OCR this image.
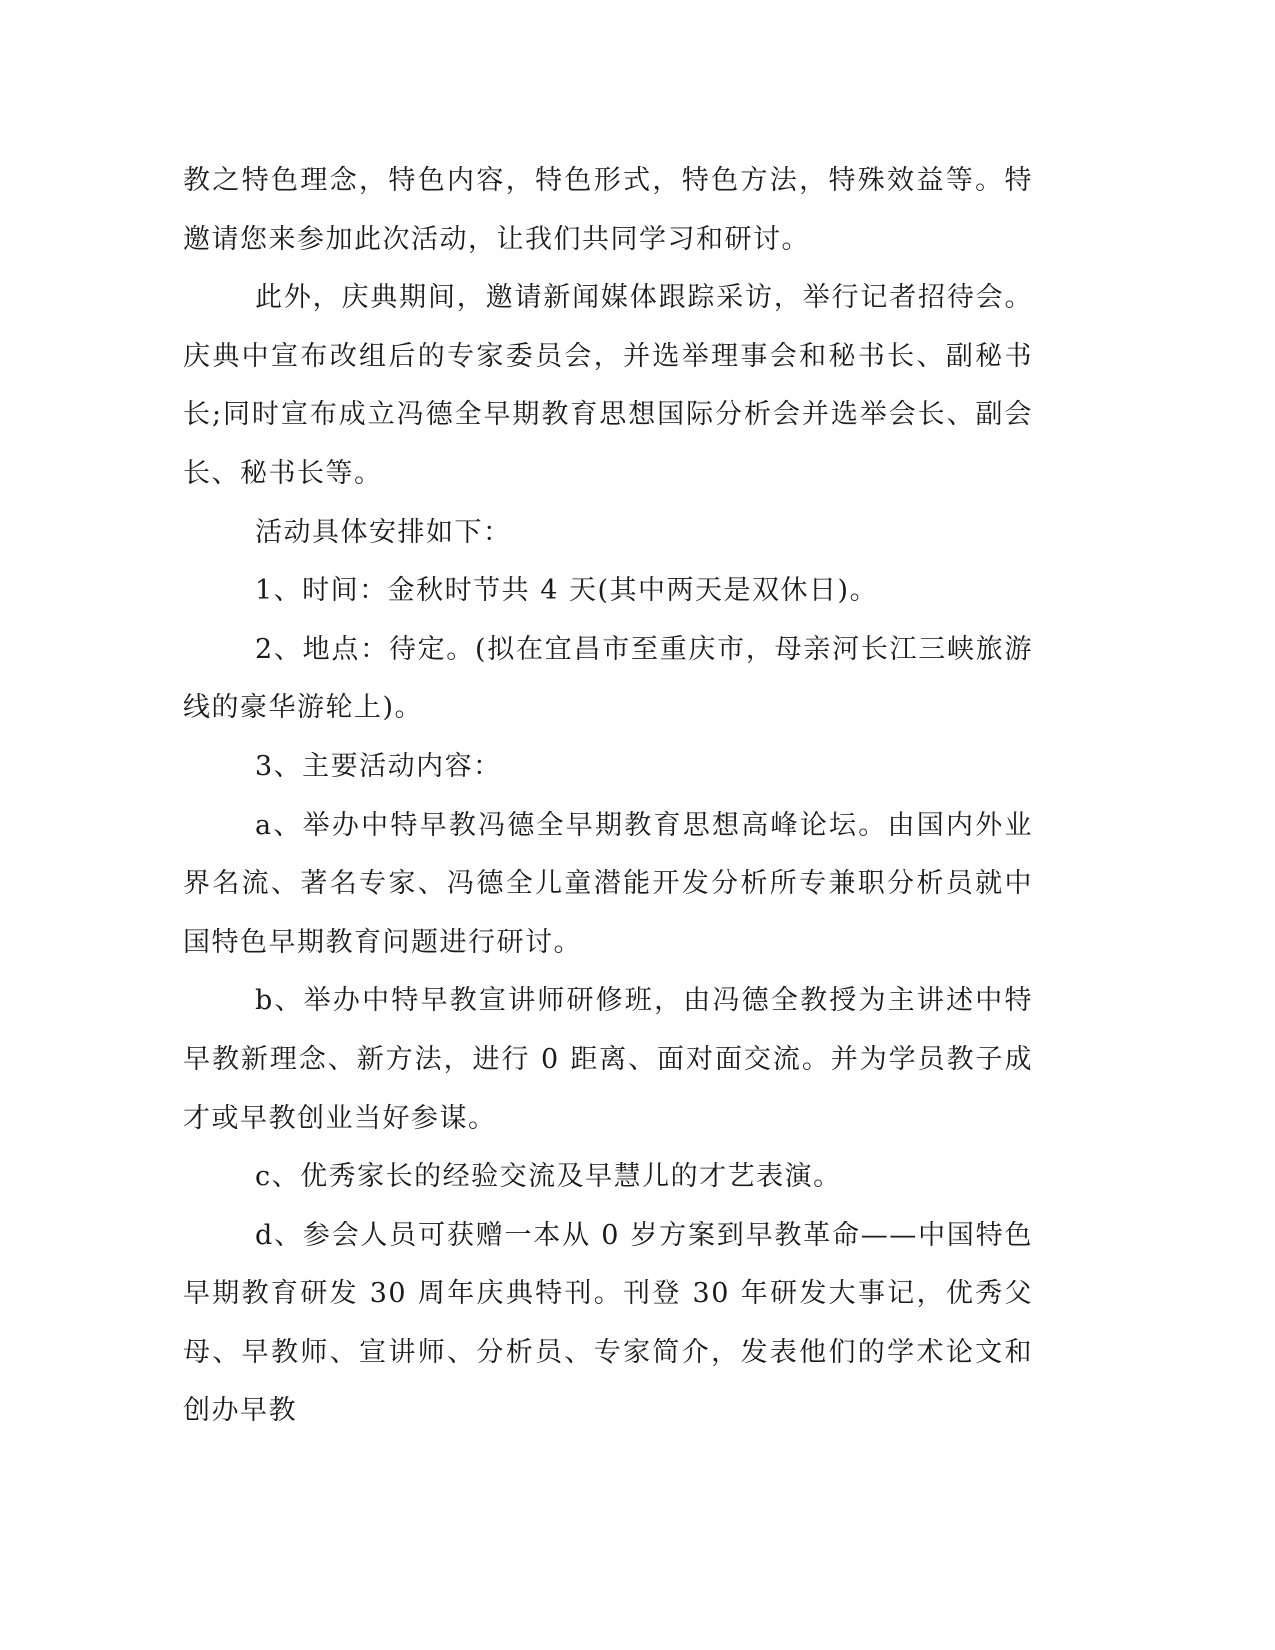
教之特色理念，特色内容，特色形式，特色方法，特殊效益等。特邀请您来参加此次活动，让我们共同学习和研讨。

此外，庆典期间，邀请新闻媒体跟踪采访，举行记者招待会。庆典中宣布改组后的专家委员会，并选举理事会和秘书长、副秘书长;同时宣布成立冯德全早期教育思想国际分析会并选举会长、副会长、秘书长等。

活动具体安排如下：

1、时间：金秋时节共 4 天(其中两天是双休日)。

2、地点：待定。(拟在宜昌市至重庆市，母亲河长江三峡旅游线的豪华游轮上)。

3、主要活动内容：

a、举办中特早教冯德全早期教育思想高峰论坛。由国内外业界名流、著名专家、冯德全儿童潜能开发分析所专兼职分析员就中国特色早期教育问题进行研讨。

b、举办中特早教宣讲师研修班，由冯德全教授为主讲述中特早教新理念、新方法，进行 0 距离、面对面交流。并为学员教子成才或早教创业当好参谋。

c、优秀家长的经验交流及早慧儿的才艺表演。

d、参会人员可获赠一本从 0 岁方案到早教革命——中国特色早期教育研发 30 周年庆典特刊。刊登 30 年研发大事记，优秀父母、早教师、宣讲师、分析员、专家简介，发表他们的学术论文和创办早教
